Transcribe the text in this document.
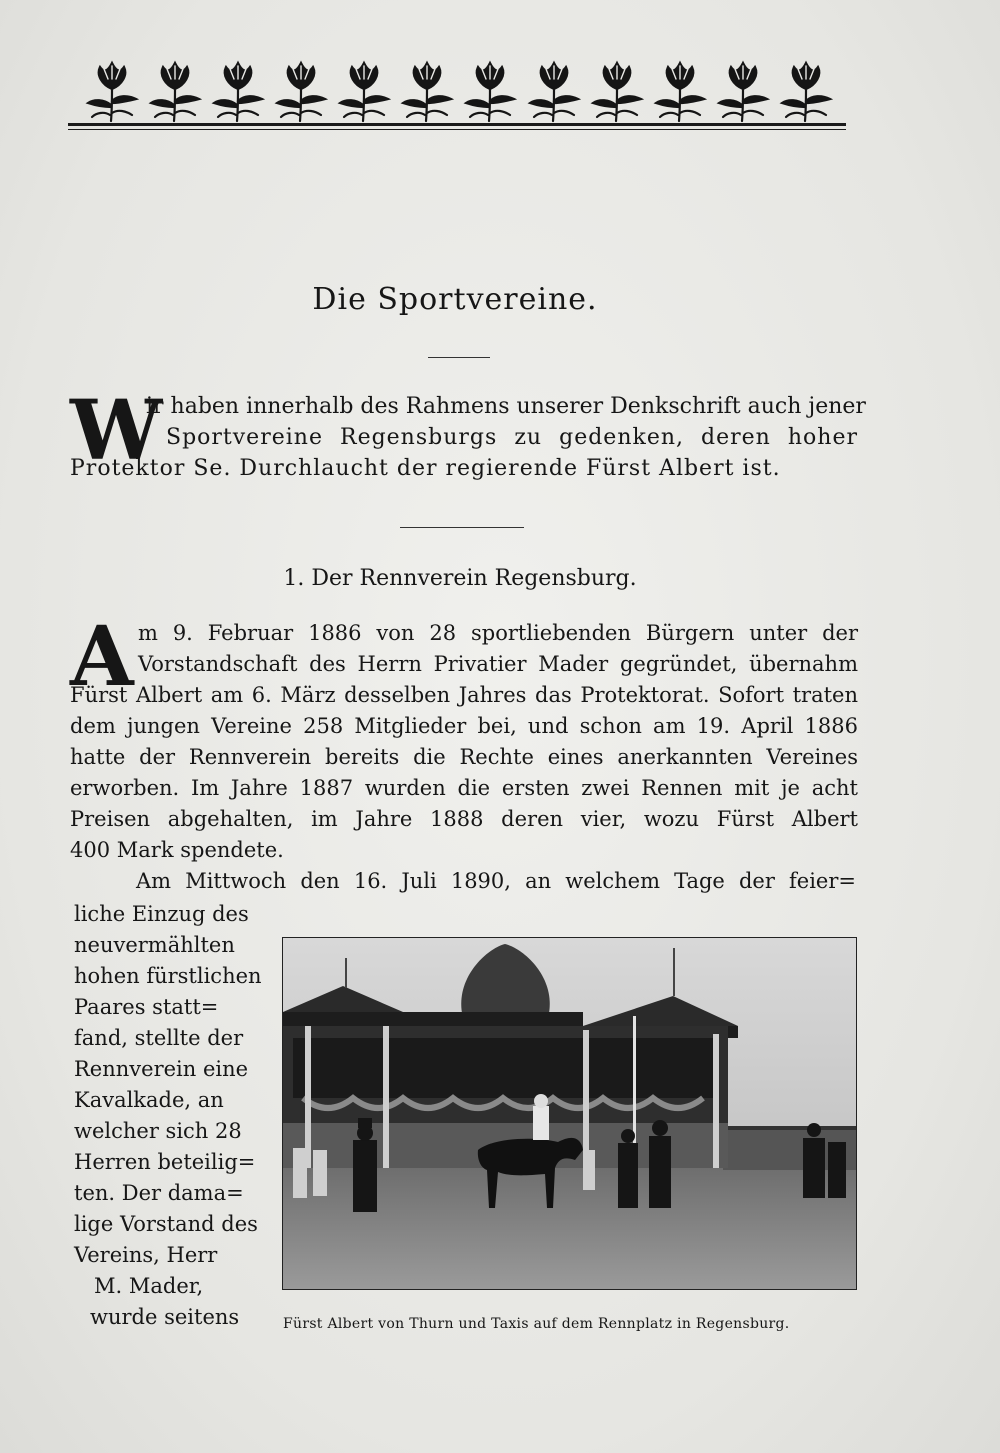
Die Sportvereine.
W
ir haben innerhalb des Rahmens unserer Denkschrift auch jener
Sportvereine Regensburgs zu gedenken, deren hoher
Protektor Se. Durchlaucht der regierende Fürst Albert ist.
1. Der Rennverein Regensburg.
A m 9. Februar 1886 von 28 sportliebenden Bürgern unter der
Vorstandschaft des Herrn Privatier Mader gegründet, übernahm
Fürst Albert am 6. März desselben Jahres das Protektorat. Sofort traten
dem jungen Vereine 258 Mitglieder bei, und schon am 19. April 1886
hatte der Rennverein bereits die Rechte eines anerkannten Vereines
erworben. Im Jahre 1887 wurden die ersten zwei Rennen mit je acht
Preisen abgehalten, im Jahre 1888 deren vier, wozu Fürst Albert
400 Mark spendete.
Am Mittwoch den 16. Juli 1890, an welchem Tage der feier=
liche Einzug des
neuvermählten
hohen fürstlichen
Paares statt=
fand, stellte der
Rennverein eine
Kavalkade, an
welcher sich 28
Herren beteilig=
ten. Der dama=
lige Vorstand des
Vereins, Herr
M. Mader,
wurde seitens	Fürst Albert von Thurn und Taxis auf dem Rennplatz in Regensburg.
